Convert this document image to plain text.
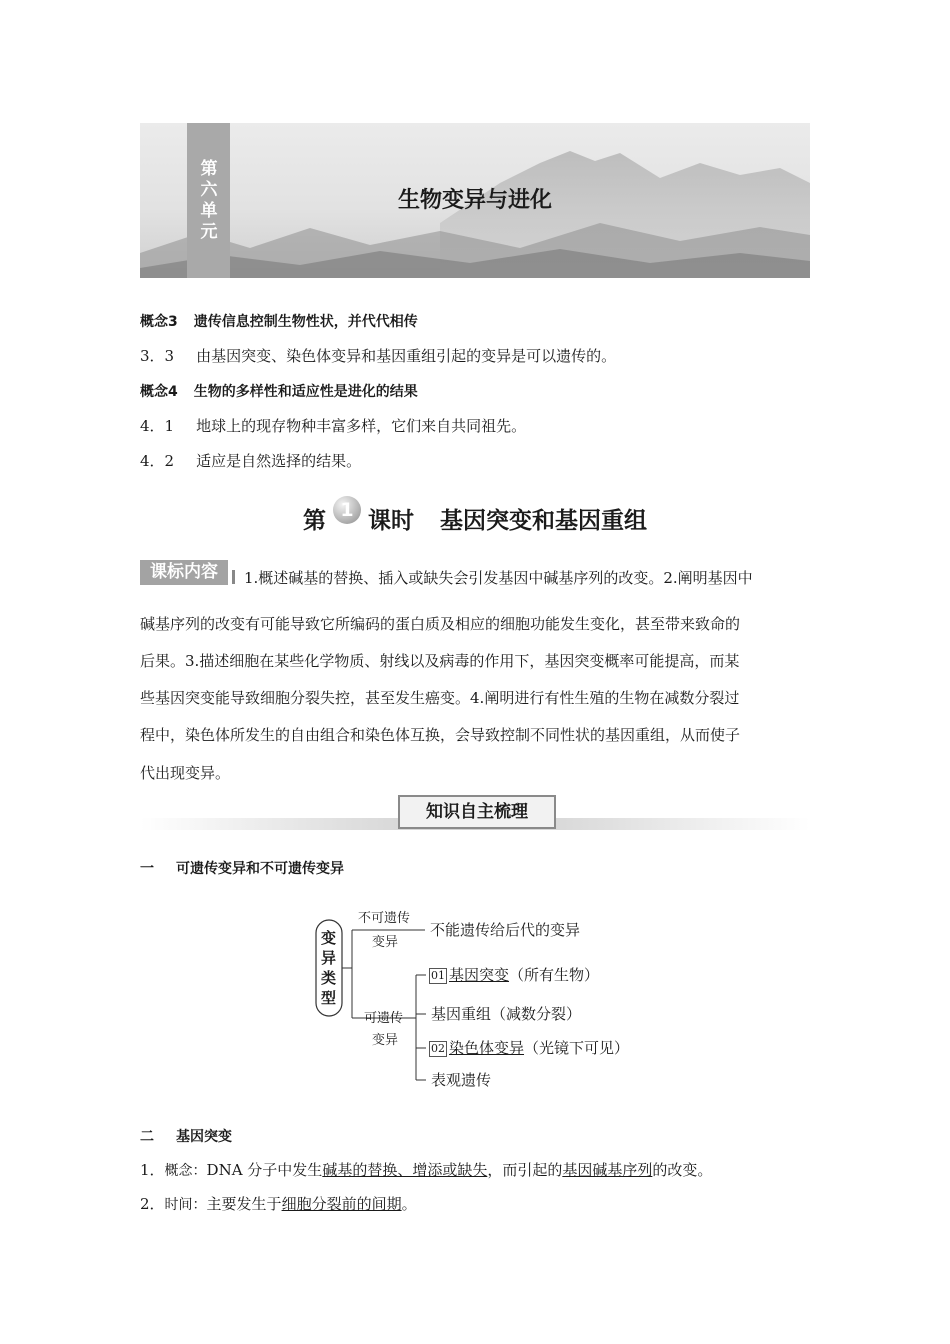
第六单元
生物变异与进化
概念3 遗传信息控制生物性状，并代代相传
3．3 由基因突变、染色体变异和基因重组引起的变异是可以遗传的。
概念4 生物的多样性和适应性是进化的结果
4．1 地球上的现存物种丰富多样，它们来自共同祖先。
4．2 适应是自然选择的结果。
第 1 课时 基因突变和基因重组
课标内容	1.概述碱基的替换、插入或缺失会引发基因中碱基序列的改变。2.阐明基因中
碱基序列的改变有可能导致它所编码的蛋白质及相应的细胞功能发生变化，甚至带来致命的
后果。3.描述细胞在某些化学物质、射线以及病毒的作用下，基因突变概率可能提高，而某
些基因突变能导致细胞分裂失控，甚至发生癌变。4.阐明进行有性生殖的生物在减数分裂过
程中，染色体所发生的自由组合和染色体互换，会导致控制不同性状的基因重组，从而使子
代出现变异。
知识自主梳理
一 可遗传变异和不可遗传变异
变异类型
不可遗传
变异
不能遗传给后代的变异
可遗传
变异
01 基因突变（所有生物）
基因重组（减数分裂）
02 染色体变异（光镜下可见）
表观遗传
二 基因突变
1．概念：DNA 分子中发生碱基的替换、增添或缺失，而引起的基因碱基序列的改变。
2．时间：主要发生于细胞分裂前的间期。
